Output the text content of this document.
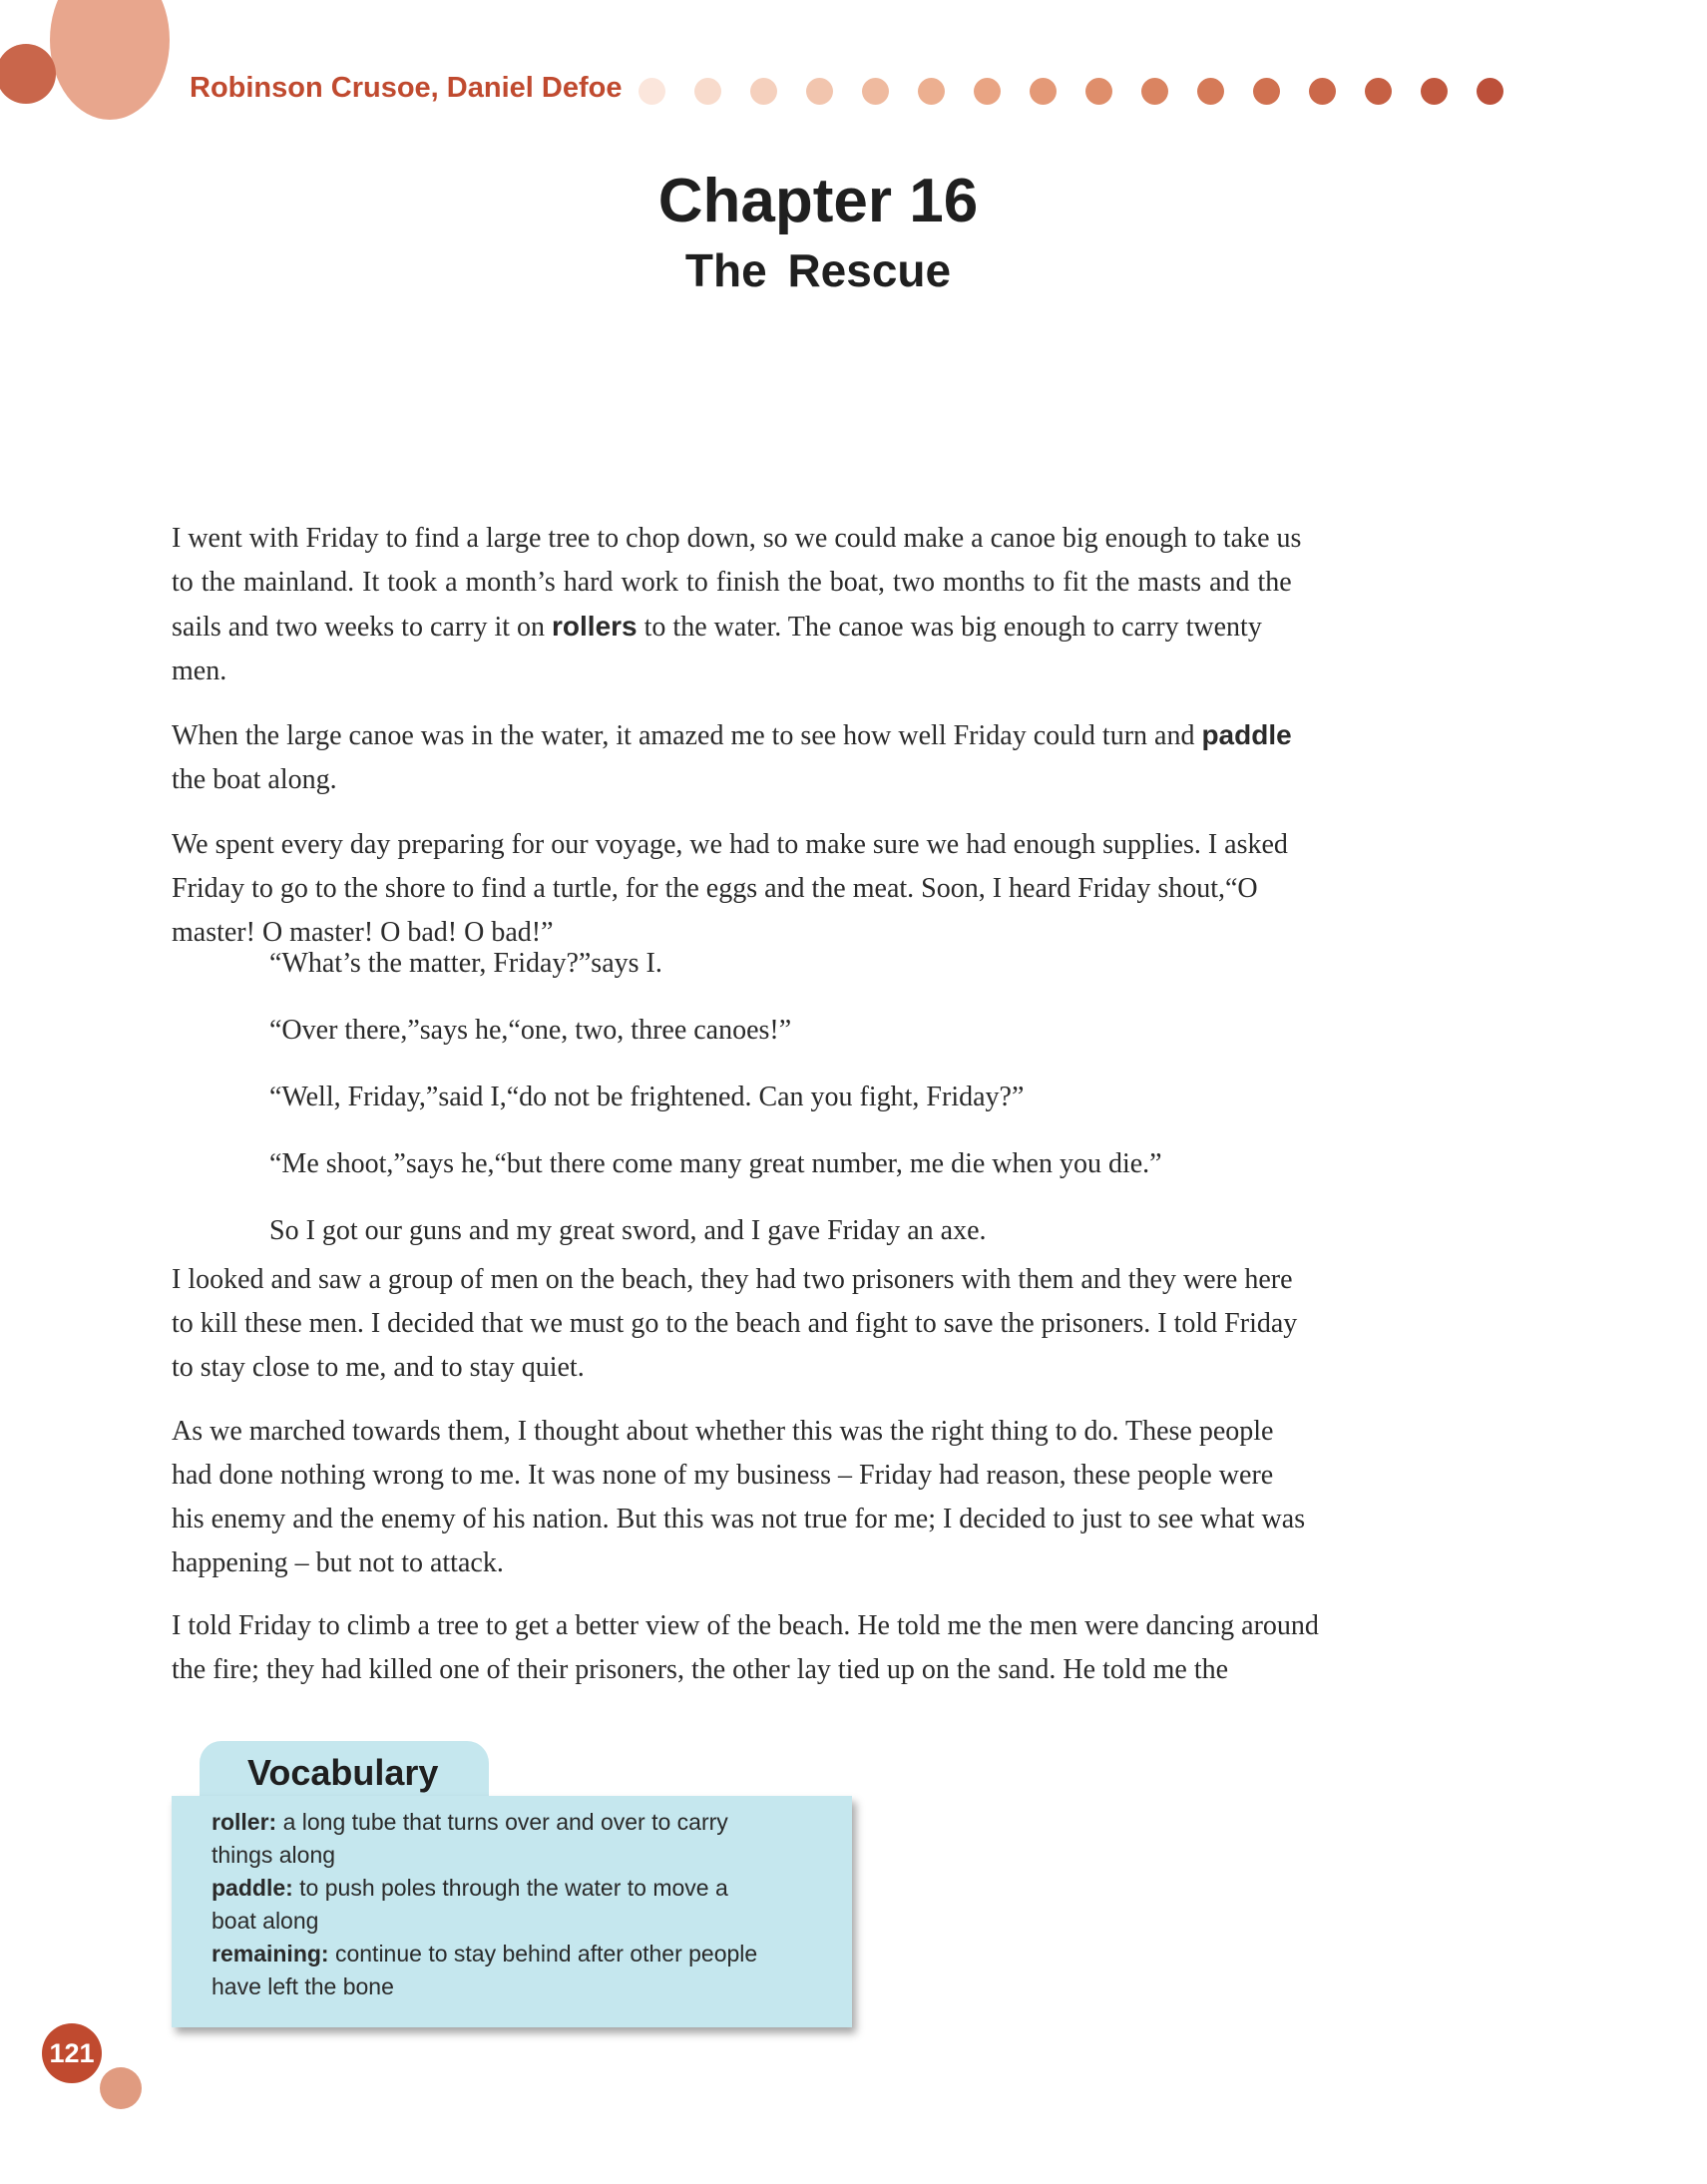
Robinson Crusoe, Daniel Defoe
Chapter 16
The Rescue
I went with Friday to find a large tree to chop down, so we could make a canoe big enough to take us
to the mainland. It took a month’s hard work to finish the boat, two months to fit the masts and the
sails and two weeks to carry it on rollers to the water. The canoe was big enough to carry twenty
men.
When the large canoe was in the water, it amazed me to see how well Friday could turn and paddle
the boat along.
We spent every day preparing for our voyage, we had to make sure we had enough supplies. I asked
Friday to go to the shore to find a turtle, for the eggs and the meat. Soon, I heard Friday shout,“O
master! O master! O bad! O bad!”
“What’s the matter, Friday?”says I.
“Over there,”says he,“one, two, three canoes!”
“Well, Friday,”said I,“do not be frightened. Can you fight, Friday?”
“Me shoot,”says he,“but there come many great number, me die when you die.”
So I got our guns and my great sword, and I gave Friday an axe.
I looked and saw a group of men on the beach, they had two prisoners with them and they were here
to kill these men. I decided that we must go to the beach and fight to save the prisoners. I told Friday
to stay close to me, and to stay quiet.
As we marched towards them, I thought about whether this was the right thing to do. These people
had done nothing wrong to me. It was none of my business – Friday had reason, these people were
his enemy and the enemy of his nation. But this was not true for me; I decided to just to see what was
happening – but not to attack.
I told Friday to climb a tree to get a better view of the beach. He told me the men were dancing around
the fire; they had killed one of their prisoners, the other lay tied up on the sand. He told me the
Vocabulary
roller: a long tube that turns over and over to carry
things along
paddle: to push poles through the water to move a
boat along
remaining: continue to stay behind after other people
have left the bone
121
